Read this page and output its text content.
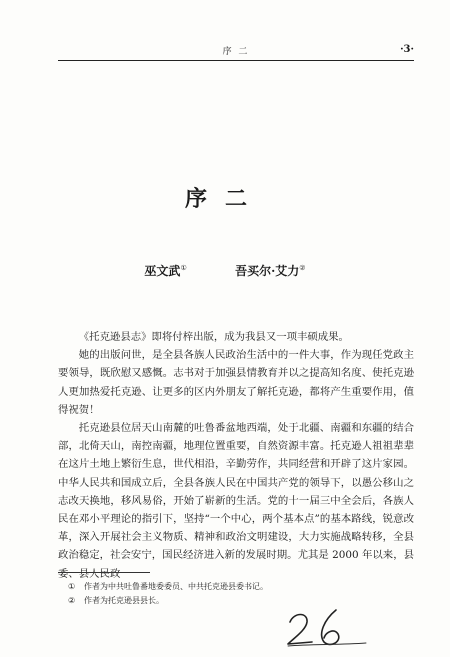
序 二	·3·
序二
巫文武①	吾买尔·艾力②

《托克逊县志》即将付梓出版，成为我县又一项丰硕成果。

她的出版问世，是全县各族人民政治生活中的一件大事，作为现任党政主要领导，既欣慰又感慨。志书对于加强县情教育并以之提高知名度、使托克逊人更加热爱托克逊、让更多的区内外朋友了解托克逊，都将产生重要作用，值得祝贺！

托克逊县位居天山南麓的吐鲁番盆地西端，处于北疆、南疆和东疆的结合部，北倚天山，南控南疆，地理位置重要，自然资源丰富。托克逊人祖祖辈辈在这片土地上繁衍生息，世代相沿，辛勤劳作，共同经营和开辟了这片家园。中华人民共和国成立后，全县各族人民在中国共产党的领导下，以愚公移山之志改天换地，移风易俗，开始了崭新的生活。党的十一届三中全会后，各族人民在邓小平理论的指引下，坚持“一个中心，两个基本点”的基本路线，锐意改革，深入开展社会主义物质、精神和政治文明建设，大力实施战略转移，全县政治稳定，社会安宁，国民经济进入新的发展时期。尤其是 2000 年以来，县委、县人民政

① 作者为中共吐鲁番地委委员、中共托克逊县委书记。
② 作者为托克逊县县长。
